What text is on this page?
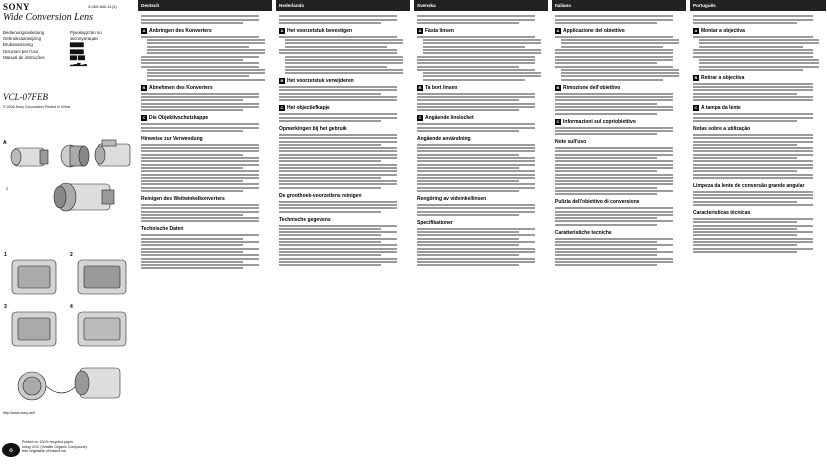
SONY	3-069-840-11(1)
Wide Conversion Lens
Bedienungsanleitung
Gebruiksaanwijzing
Bruksanvisning
Istruzioni per l'uso
Manual de instruções
Руководство по
эксплуатации
▇▇▇▇
▇▇▇▇
▇▇ ▇▇
▂▃▅▂▃
VCL-07FEB
© 2006 Sony Corporation Printed in China
A
2
1	2
3	4
http://www.sony.net/
♻
Printed on 100% recycled paper
using VOC (Volatile Organic Compound)-
free vegetable oil based ink.
Deutsch
A Anbringen des Konverters
B Abnehmen des Konverters
C Die Objektivschutzkappe
Hinweise zur Verwendung
Reinigen des Weitwinkelkonverters
Technische Daten
Nederlands
A Het voorzetstuk bevestigen
B Het voorzetstuk verwijderen
C Het objectiefkapje
Opmerkingen bij het gebruik
De groothoek-voorzetlens reinigen
Technische gegevens
Svenska
A Fästa linsen
B Ta bort linsen
C Angående linslocket
Angående användning
Rengöring av vidvinkellinsen
Specifikationer
Italiano
A Applicazione del obiettivo
B Rimozione dell'obiettivo
C Informazioni sul copriobiettivo
Note sull'uso
Pulizia dell'obiettivo di conversione
Caratteristiche tecniche
Português
A Montar a objectiva
B Retirar a objectiva
C A tampa da lente
Notas sobre a utilização
Limpeza da lente de conversão grande angular
Características técnicas
